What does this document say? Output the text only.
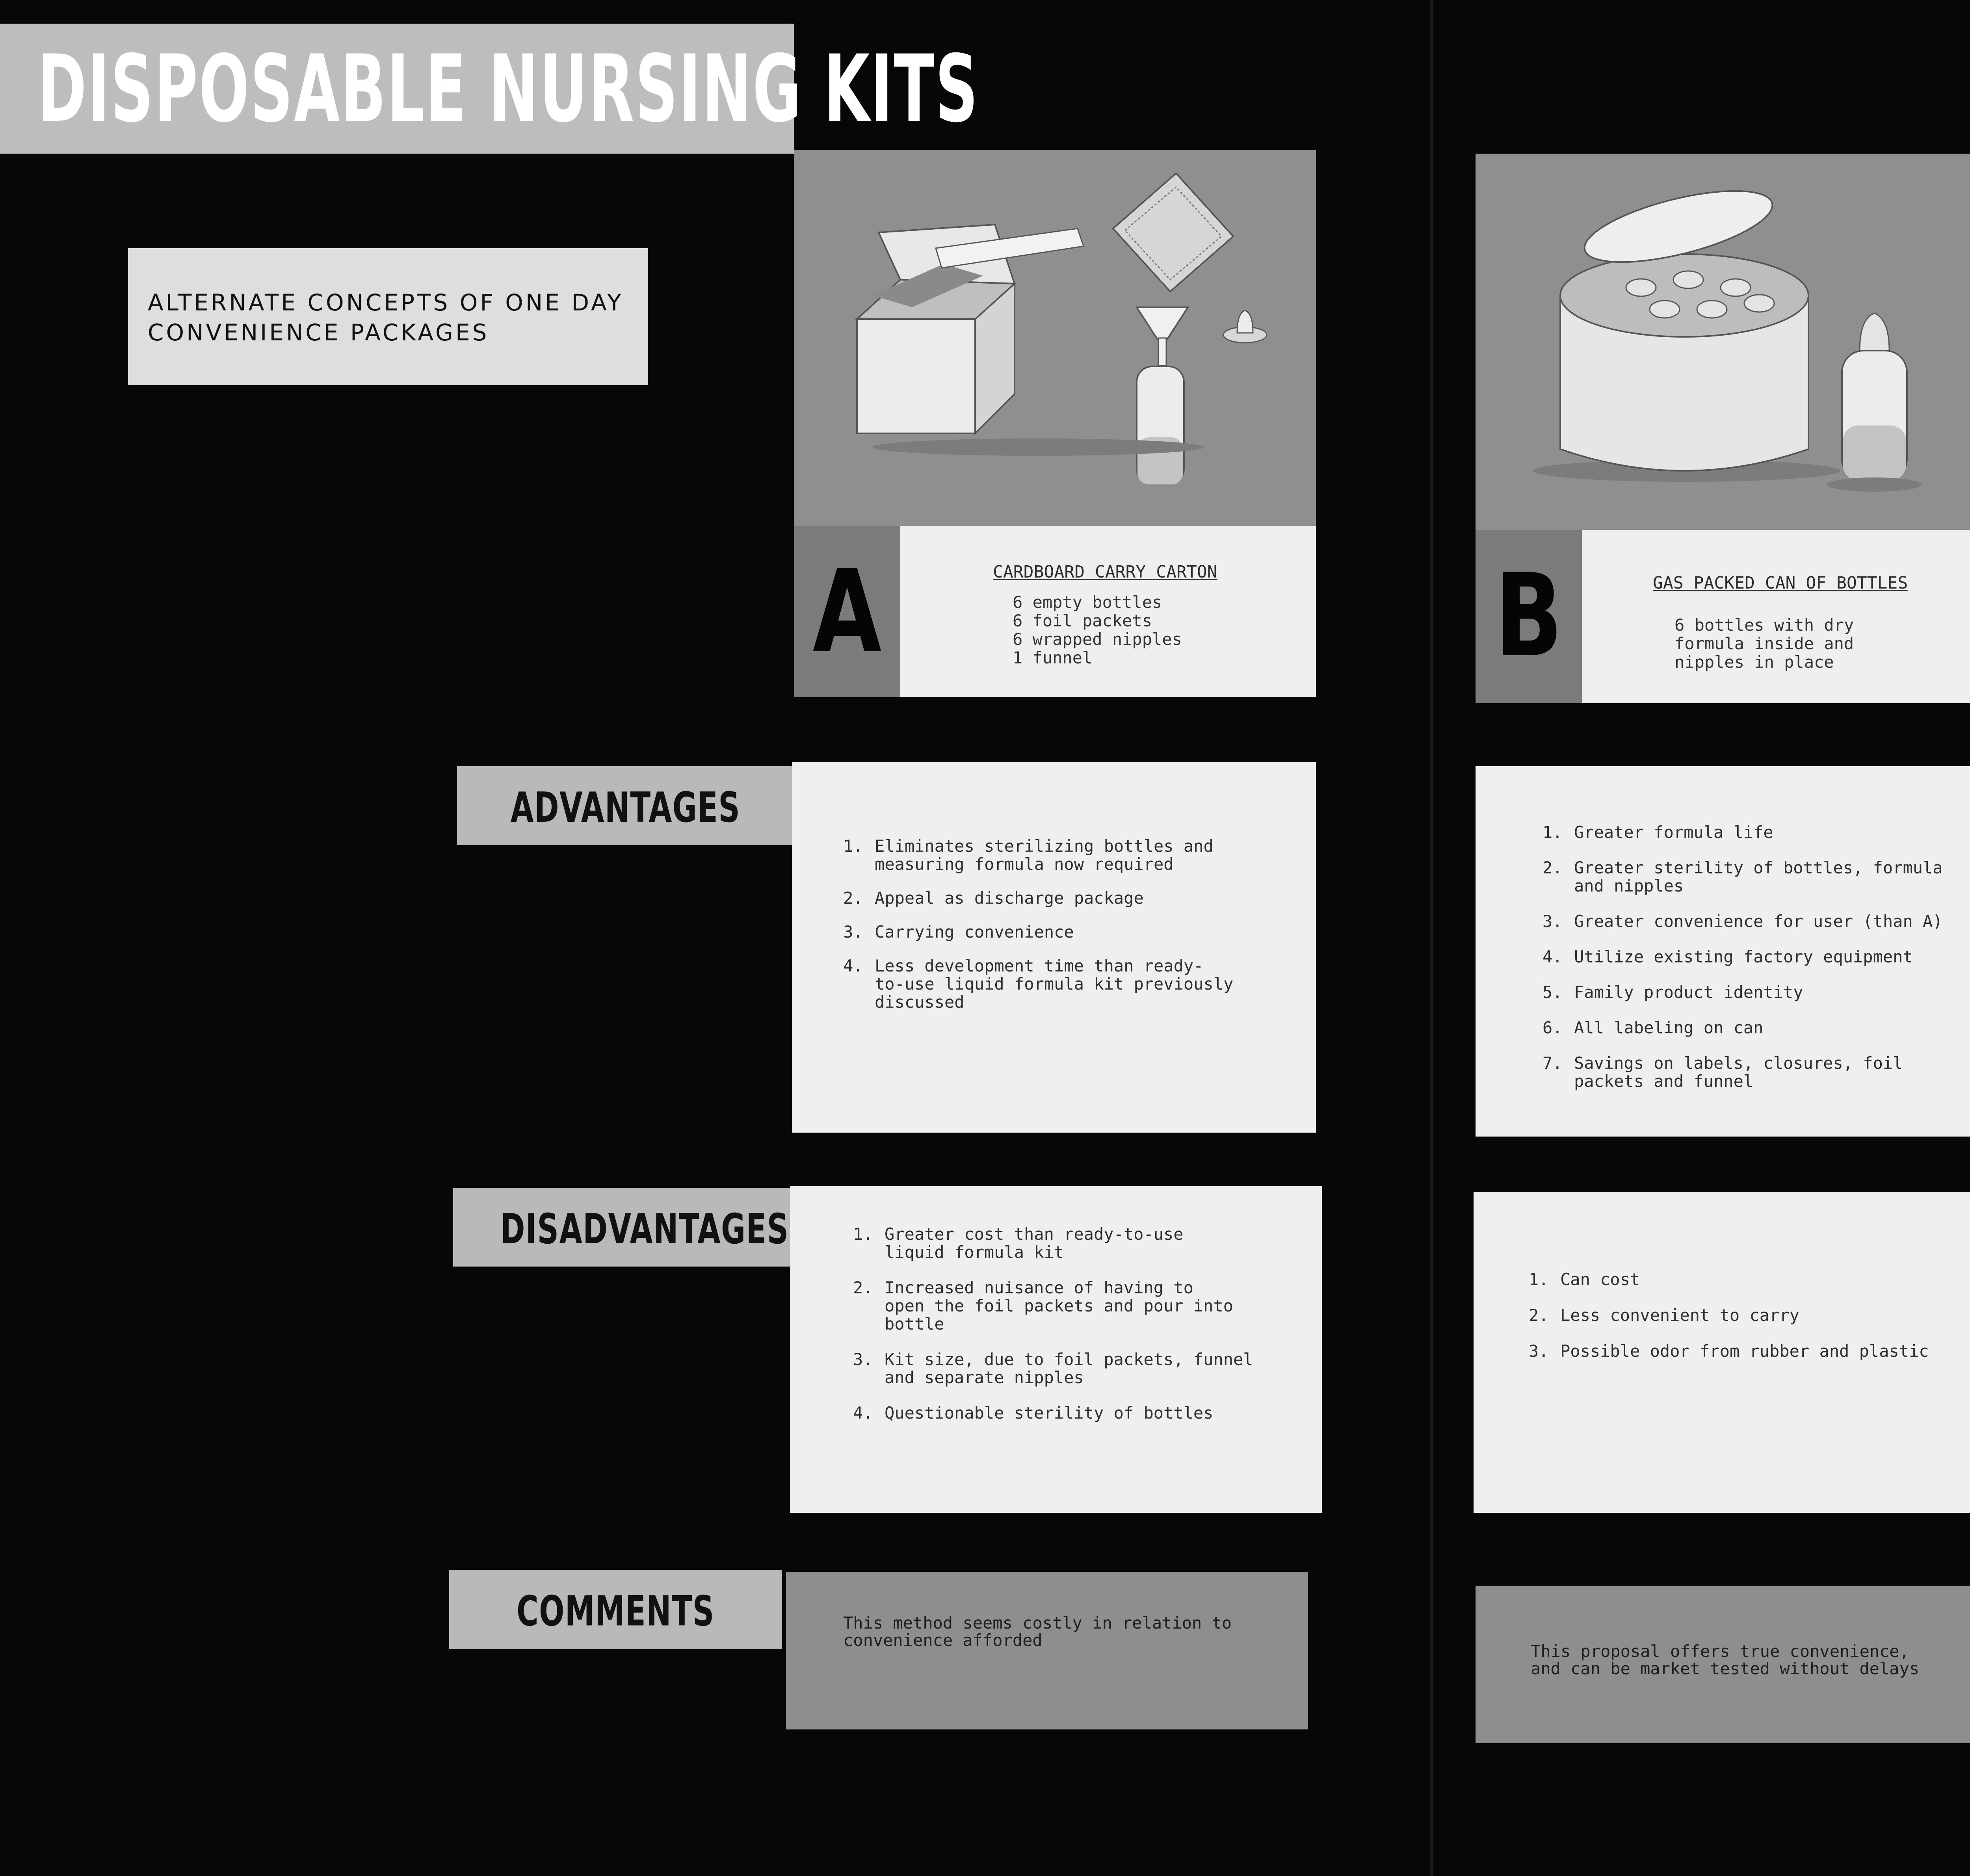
DISPOSABLE NURSING KITS
ALTERNATE CONCEPTS OF ONE DAY
CONVENIENCE PACKAGES
A	CARDBOARD CARRY CARTON
6 empty bottles
6 foil packets
6 wrapped nipples
1 funnel	B	GAS PACKED CAN OF BOTTLES
6 bottles with dry
formula inside and
nipples in place
ADVANTAGES
DISADVANTAGES
COMMENTS
1. Eliminates sterilizing bottles and
measuring formula now required
2. Appeal as discharge package
3. Carrying convenience
4. Less development time than ready-
to-use liquid formula kit previously
discussed
1. Greater formula life
2. Greater sterility of bottles, formula
and nipples
3. Greater convenience for user (than A)
4. Utilize existing factory equipment
5. Family product identity
6. All labeling on can
7. Savings on labels, closures, foil
packets and funnel
1. Greater cost than ready-to-use
liquid formula kit
2. Increased nuisance of having to
open the foil packets and pour into
bottle
3. Kit size, due to foil packets, funnel
and separate nipples
4. Questionable sterility of bottles
1. Can cost
2. Less convenient to carry
3. Possible odor from rubber and plastic
This method seems costly in relation to
convenience afforded
This proposal offers true convenience,
and can be market tested without delays
